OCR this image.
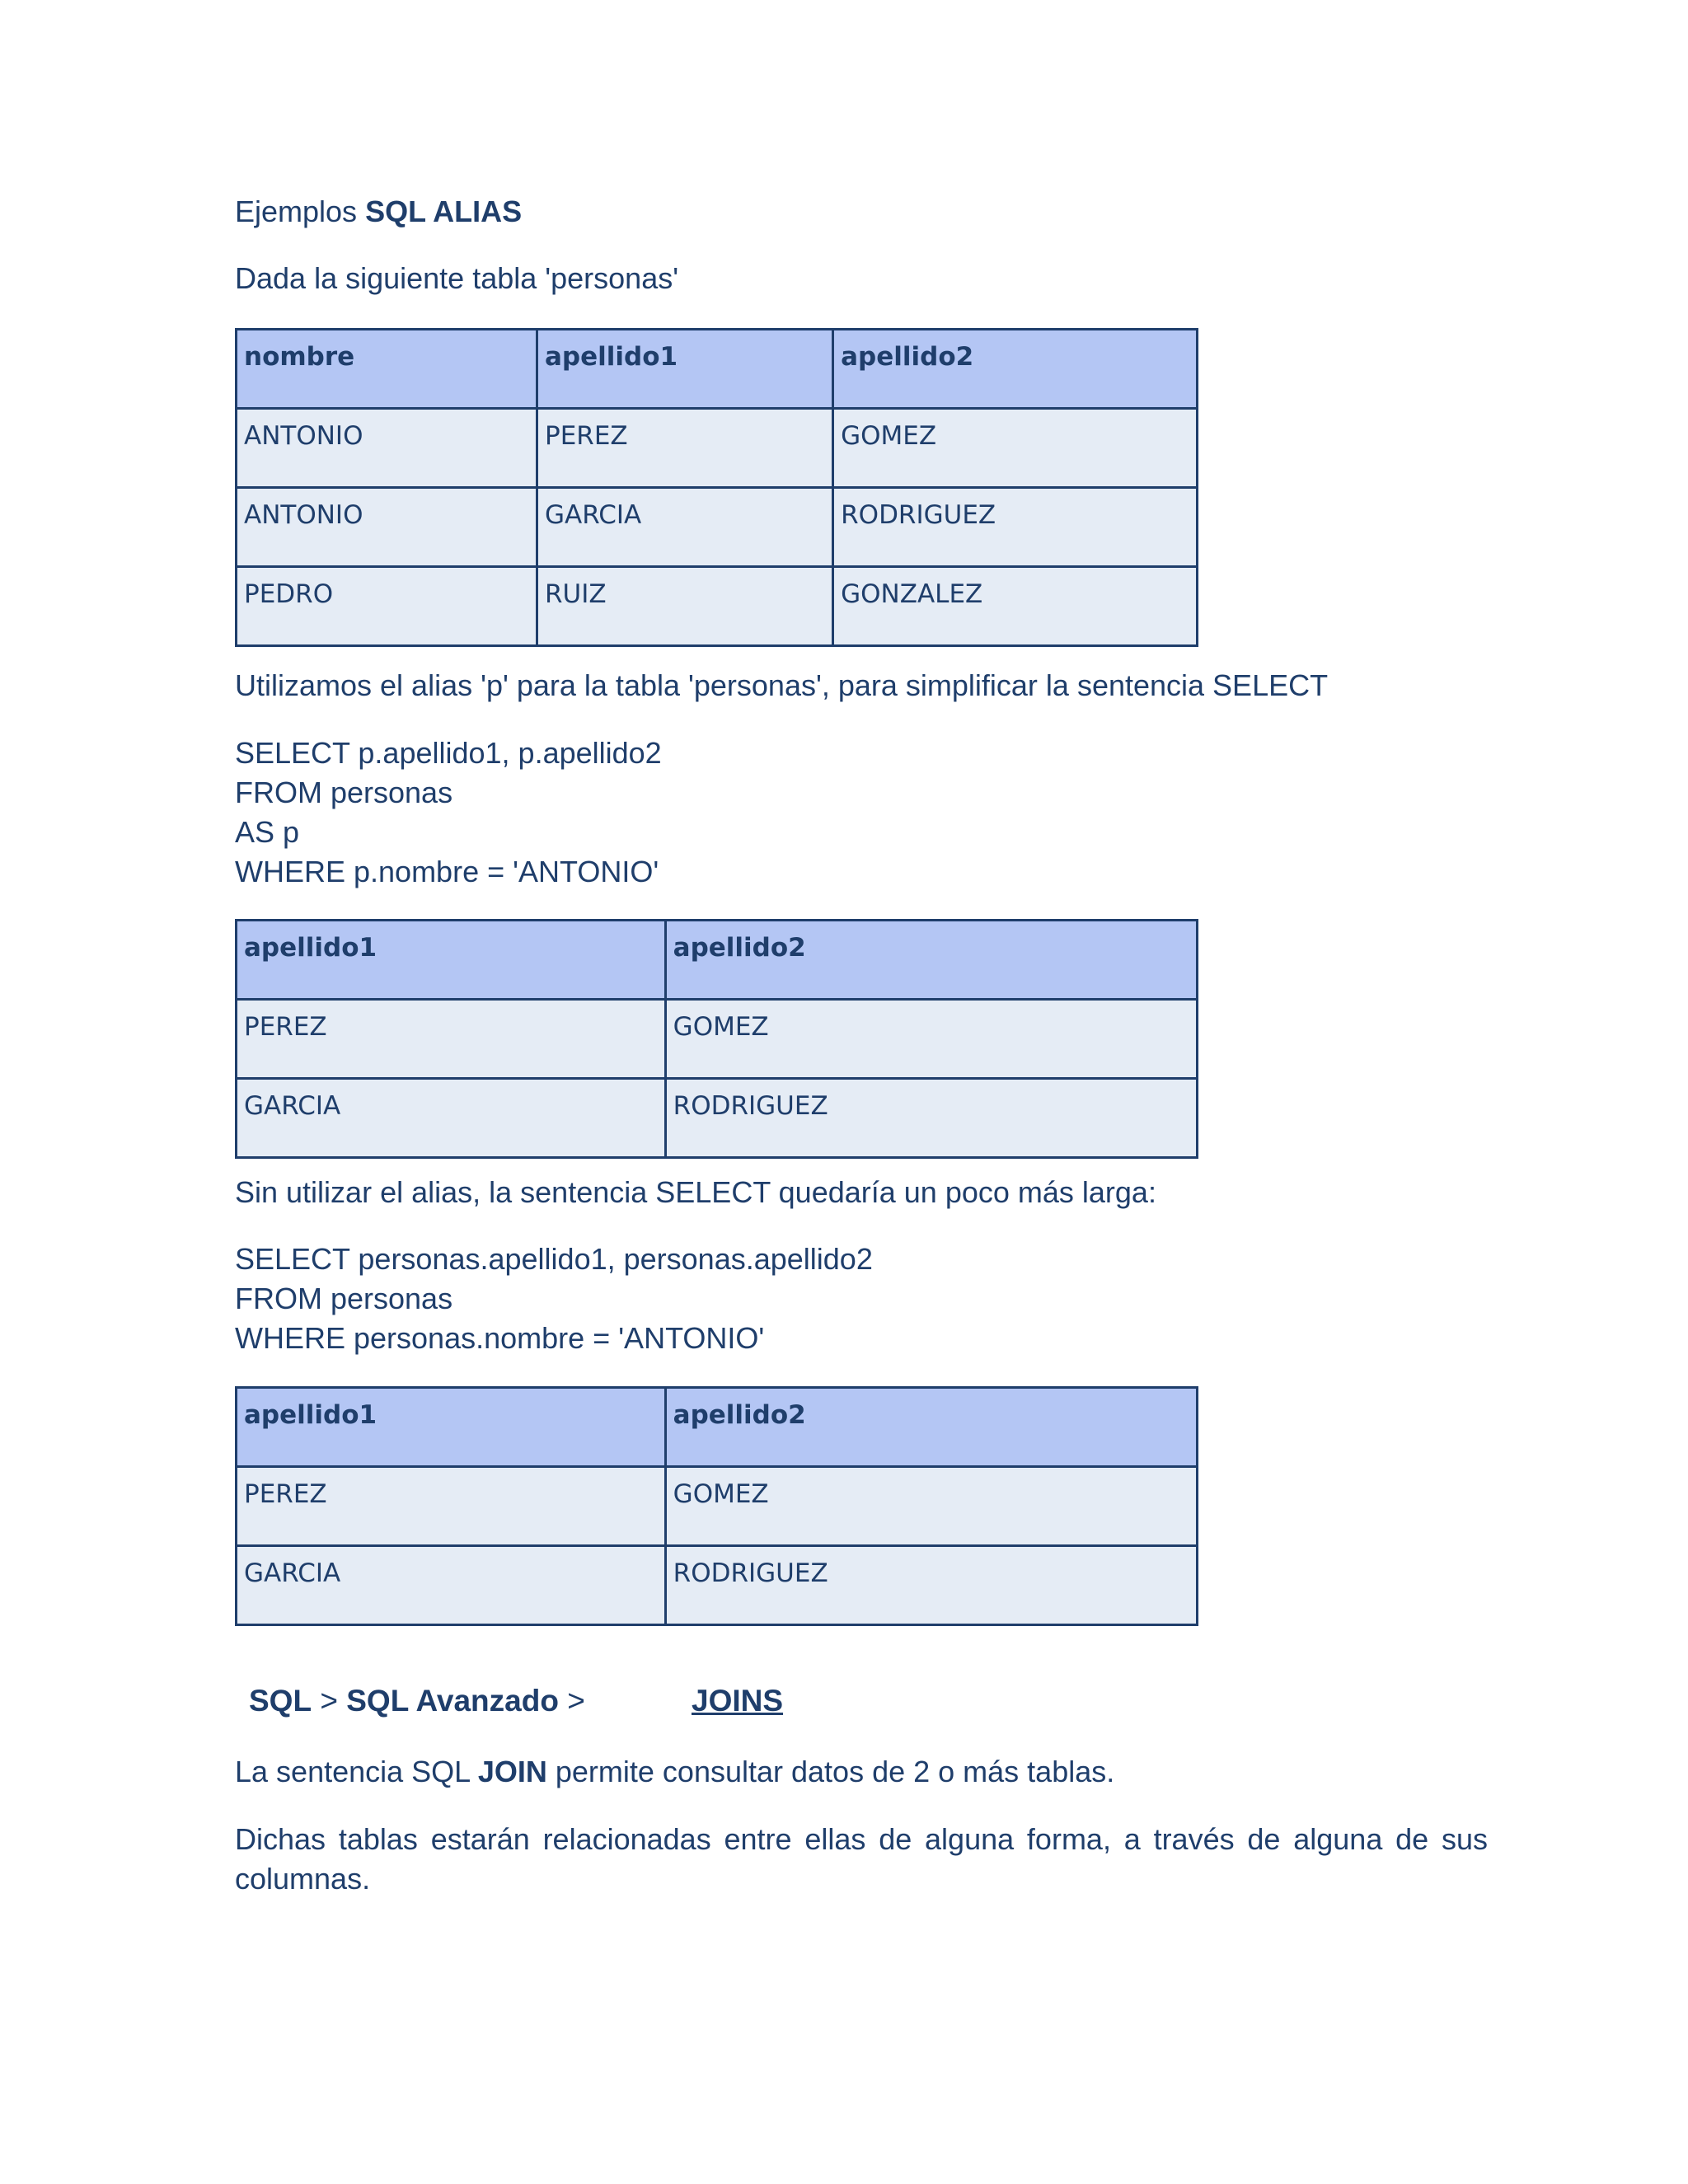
Ejemplos SQL ALIAS
Dada la siguiente tabla 'personas'
nombre	apellido1	apellido2
ANTONIO	PEREZ	GOMEZ
ANTONIO	GARCIA	RODRIGUEZ
PEDRO	RUIZ	GONZALEZ
Utilizamos el alias 'p' para la tabla 'personas', para simplificar la sentencia SELECT
SELECT p.apellido1, p.apellido2
FROM personas
AS p
WHERE p.nombre = 'ANTONIO'
apellido1	apellido2
PEREZ	GOMEZ
GARCIA	RODRIGUEZ
Sin utilizar el alias, la sentencia SELECT quedaría un poco más larga:
SELECT personas.apellido1, personas.apellido2
FROM personas
WHERE personas.nombre = 'ANTONIO'
apellido1	apellido2
PEREZ	GOMEZ
GARCIA	RODRIGUEZ
SQL > SQL Avanzado >	JOINS
La sentencia SQL JOIN permite consultar datos de 2 o más tablas.
Dichas tablas estarán relacionadas entre ellas de alguna forma, a través de alguna de sus columnas.
